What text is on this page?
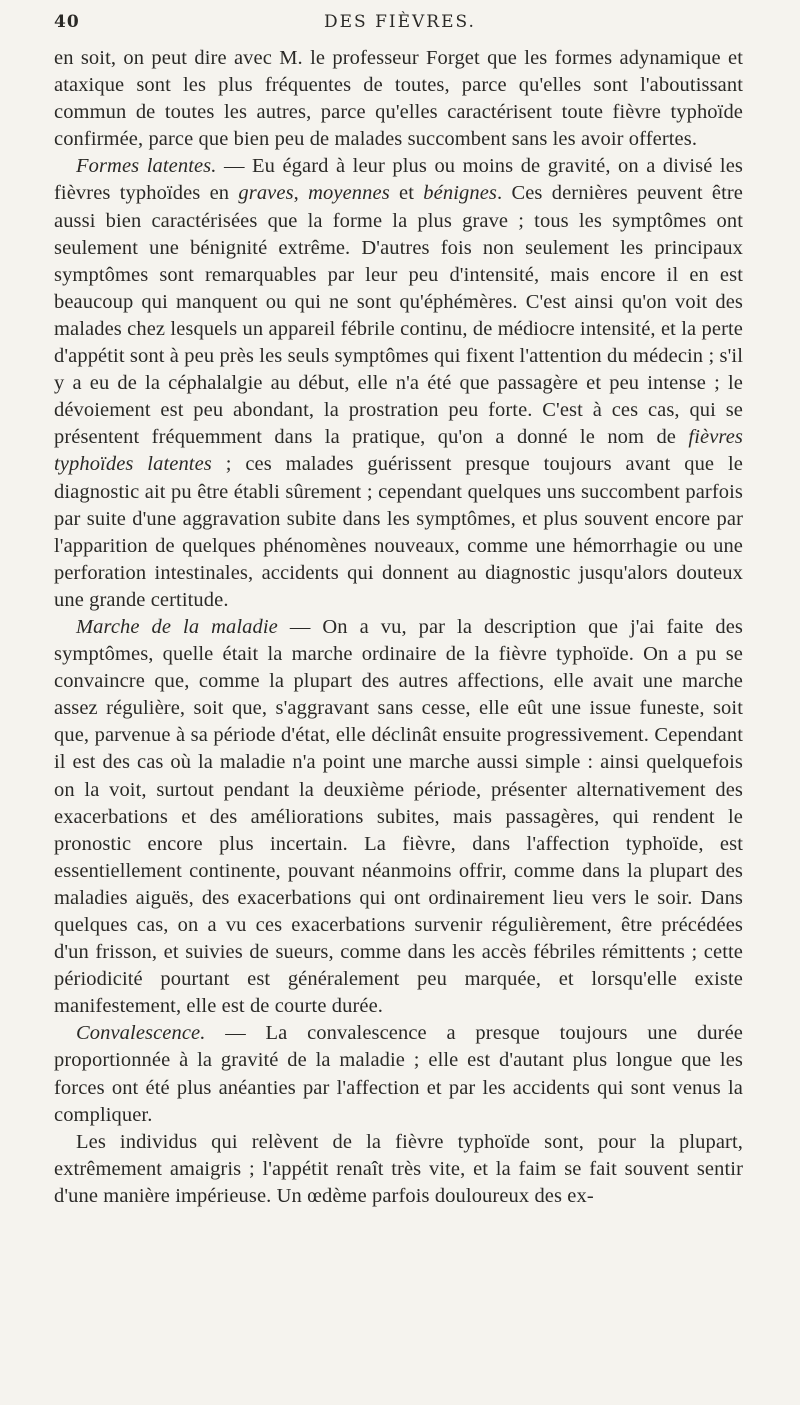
40	DES FIÈVRES.

en soit, on peut dire avec M. le professeur Forget que les formes adynamique et ataxique sont les plus fréquentes de toutes, parce qu'elles sont l'aboutissant commun de toutes les autres, parce qu'elles caractérisent toute fièvre typhoïde confirmée, parce que bien peu de malades succombent sans les avoir offertes.

Formes latentes. — Eu égard à leur plus ou moins de gravité, on a divisé les fièvres typhoïdes en graves, moyennes et bénignes. Ces dernières peuvent être aussi bien caractérisées que la forme la plus grave ; tous les symptômes ont seulement une bénignité extrême. D'autres fois non seulement les principaux symptômes sont remarquables par leur peu d'intensité, mais encore il en est beaucoup qui manquent ou qui ne sont qu'éphémères. C'est ainsi qu'on voit des malades chez lesquels un appareil fébrile continu, de médiocre intensité, et la perte d'appétit sont à peu près les seuls symptômes qui fixent l'attention du médecin ; s'il y a eu de la céphalalgie au début, elle n'a été que passagère et peu intense ; le dévoiement est peu abondant, la prostration peu forte. C'est à ces cas, qui se présentent fréquemment dans la pratique, qu'on a donné le nom de fièvres typhoïdes latentes ; ces malades guérissent presque toujours avant que le diagnostic ait pu être établi sûrement ; cependant quelques uns succombent parfois par suite d'une aggravation subite dans les symptômes, et plus souvent encore par l'apparition de quelques phénomènes nouveaux, comme une hémorrhagie ou une perforation intestinales, accidents qui donnent au diagnostic jusqu'alors douteux une grande certitude.

Marche de la maladie — On a vu, par la description que j'ai faite des symptômes, quelle était la marche ordinaire de la fièvre typhoïde. On a pu se convaincre que, comme la plupart des autres affections, elle avait une marche assez régulière, soit que, s'aggravant sans cesse, elle eût une issue funeste, soit que, parvenue à sa période d'état, elle déclinât ensuite progressivement. Cependant il est des cas où la maladie n'a point une marche aussi simple : ainsi quelquefois on la voit, surtout pendant la deuxième période, présenter alternativement des exacerbations et des améliorations subites, mais passagères, qui rendent le pronostic encore plus incertain. La fièvre, dans l'affection typhoïde, est essentiellement continente, pouvant néanmoins offrir, comme dans la plupart des maladies aiguës, des exacerbations qui ont ordinairement lieu vers le soir. Dans quelques cas, on a vu ces exacerbations survenir régulièrement, être précédées d'un frisson, et suivies de sueurs, comme dans les accès fébriles rémittents ; cette périodicité pourtant est généralement peu marquée, et lorsqu'elle existe manifestement, elle est de courte durée.

Convalescence. — La convalescence a presque toujours une durée proportionnée à la gravité de la maladie ; elle est d'autant plus longue que les forces ont été plus anéanties par l'affection et par les accidents qui sont venus la compliquer.

Les individus qui relèvent de la fièvre typhoïde sont, pour la plupart, extrêmement amaigris ; l'appétit renaît très vite, et la faim se fait souvent sentir d'une manière impérieuse. Un œdème parfois douloureux des ex-
